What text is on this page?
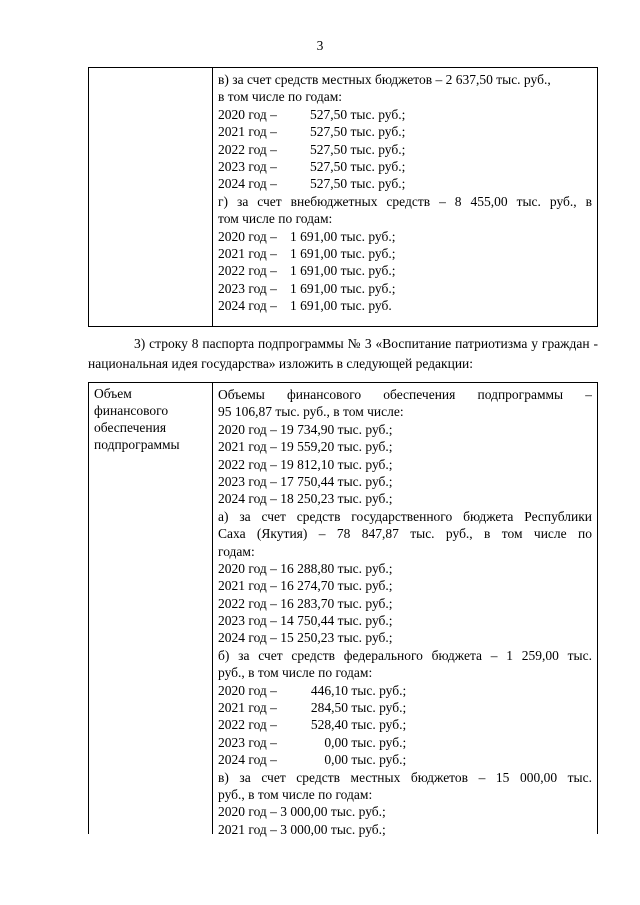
3
в) за счет средств местных бюджетов – 2 637,50 тыс. руб.,
в том числе по годам:
2020 год – 527,50 тыс. руб.;
2021 год – 527,50 тыс. руб.;
2022 год – 527,50 тыс. руб.;
2023 год – 527,50 тыс. руб.;
2024 год – 527,50 тыс. руб.;
г) за счет внебюджетных средств – 8 455,00 тыс. руб., в
том числе по годам:
2020 год – 1 691,00 тыс. руб.;
2021 год – 1 691,00 тыс. руб.;
2022 год – 1 691,00 тыс. руб.;
2023 год – 1 691,00 тыс. руб.;
2024 год – 1 691,00 тыс. руб.
3) строку 8 паспорта подпрограммы № 3 «Воспитание патриотизма у граждан - национальная идея государства» изложить в следующей редакции:
Объем
финансового
обеспечения
подпрограммы
Объемы финансового обеспечения подпрограммы –
95 106,87 тыс. руб., в том числе:
2020 год – 19 734,90 тыс. руб.;
2021 год – 19 559,20 тыс. руб.;
2022 год – 19 812,10 тыс. руб.;
2023 год – 17 750,44 тыс. руб.;
2024 год – 18 250,23 тыс. руб.;
а) за счет средств государственного бюджета Республики
Саха (Якутия) – 78 847,87 тыс. руб., в том числе по
годам:
2020 год – 16 288,80 тыс. руб.;
2021 год – 16 274,70 тыс. руб.;
2022 год – 16 283,70 тыс. руб.;
2023 год – 14 750,44 тыс. руб.;
2024 год – 15 250,23 тыс. руб.;
б) за счет средств федерального бюджета – 1 259,00 тыс.
руб., в том числе по годам:
2020 год –	446,10 тыс. руб.;
2021 год –	284,50 тыс. руб.;
2022 год –	528,40 тыс. руб.;
2023 год –	0,00 тыс. руб.;
2024 год –	0,00 тыс. руб.;
в) за счет средств местных бюджетов – 15 000,00 тыс.
руб., в том числе по годам:
2020 год – 3 000,00 тыс. руб.;
2021 год – 3 000,00 тыс. руб.;
